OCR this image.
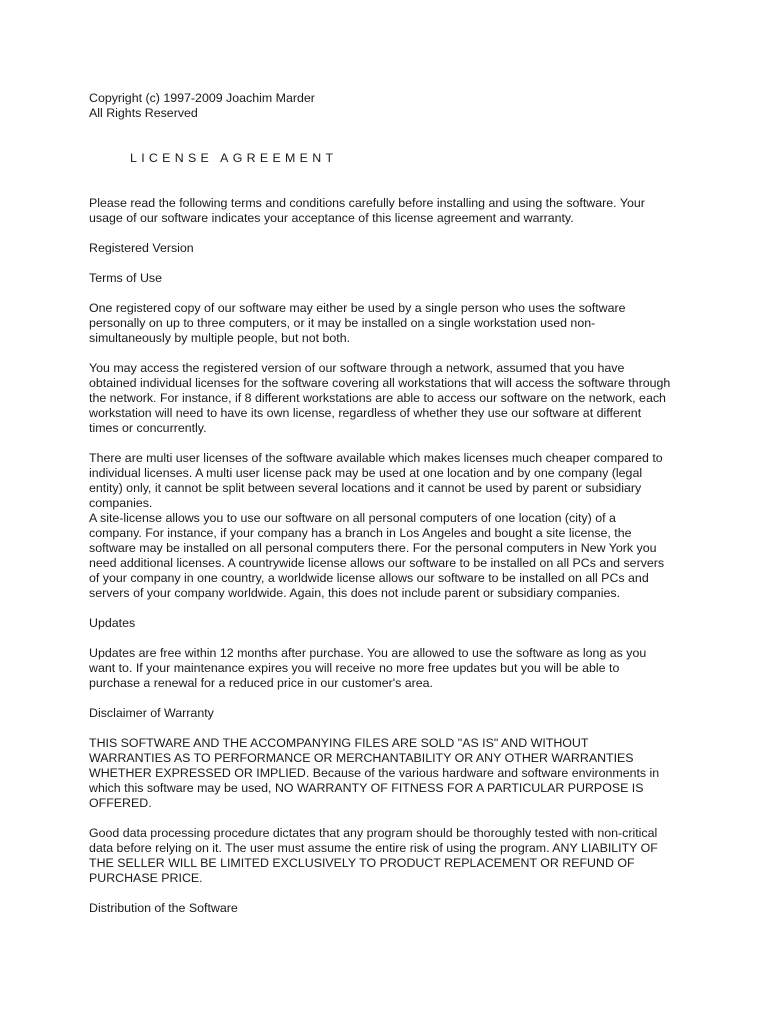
Copyright (c) 1997-2009 Joachim Marder
All Rights Reserved
LICENSE AGREEMENT
Please read the following terms and conditions carefully before installing and using the software. Your
usage of our software indicates your acceptance of this license agreement and warranty.
Registered Version
Terms of Use
One registered copy of our software may either be used by a single person who uses the software
personally on up to three computers, or it may be installed on a single workstation used non-
simultaneously by multiple people, but not both.
You may access the registered version of our software through a network, assumed that you have
obtained individual licenses for the software covering all workstations that will access the software through
the network. For instance, if 8 different workstations are able to access our software on the network, each
workstation will need to have its own license, regardless of whether they use our software at different
times or concurrently.
There are multi user licenses of the software available which makes licenses much cheaper compared to
individual licenses. A multi user license pack may be used at one location and by one company (legal
entity) only, it cannot be split between several locations and it cannot be used by parent or subsidiary
companies.
A site-license allows you to use our software on all personal computers of one location (city) of a
company. For instance, if your company has a branch in Los Angeles and bought a site license, the
software may be installed on all personal computers there. For the personal computers in New York you
need additional licenses. A countrywide license allows our software to be installed on all PCs and servers
of your company in one country, a worldwide license allows our software to be installed on all PCs and
servers of your company worldwide. Again, this does not include parent or subsidiary companies.
Updates
Updates are free within 12 months after purchase. You are allowed to use the software as long as you
want to. If your maintenance expires you will receive no more free updates but you will be able to
purchase a renewal for a reduced price in our customer's area.
Disclaimer of Warranty
THIS SOFTWARE AND THE ACCOMPANYING FILES ARE SOLD "AS IS" AND WITHOUT
WARRANTIES AS TO PERFORMANCE OR MERCHANTABILITY OR ANY OTHER WARRANTIES
WHETHER EXPRESSED OR IMPLIED. Because of the various hardware and software environments in
which this software may be used, NO WARRANTY OF FITNESS FOR A PARTICULAR PURPOSE IS
OFFERED.
Good data processing procedure dictates that any program should be thoroughly tested with non-critical
data before relying on it. The user must assume the entire risk of using the program. ANY LIABILITY OF
THE SELLER WILL BE LIMITED EXCLUSIVELY TO PRODUCT REPLACEMENT OR REFUND OF
PURCHASE PRICE.
Distribution of the Software
